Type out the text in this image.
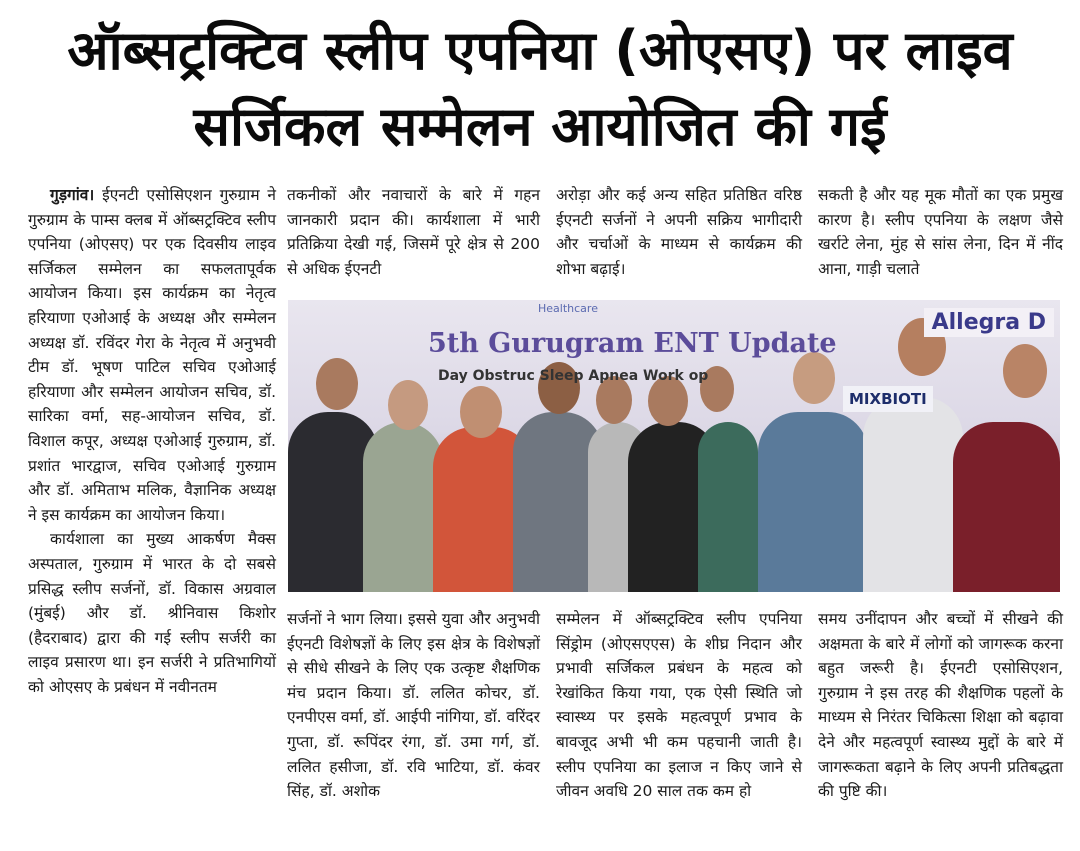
ऑब्सट्रक्टिव स्लीप एपनिया (ओएसए) पर लाइव
सर्जिकल सम्मेलन आयोजित की गई

गुड़गांव। ईएनटी एसोसिएशन गुरुग्राम ने गुरुग्राम के पाम्स क्लब में ऑब्सट्रक्टिव स्लीप एपनिया (ओएसए) पर एक दिवसीय लाइव सर्जिकल सम्मेलन का सफलतापूर्वक आयोजन किया। इस कार्यक्रम का नेतृत्व हरियाणा एओआई के अध्यक्ष और सम्मेलन अध्यक्ष डॉ. रविंदर गेरा के नेतृत्व में अनुभवी टीम डॉ. भूषण पाटिल सचिव एओआई हरियाणा और सम्मेलन आयोजन सचिव, डॉ. सारिका वर्मा, सह-आयोजन सचिव, डॉ. विशाल कपूर, अध्यक्ष एओआई गुरुग्राम, डॉ. प्रशांत भारद्वाज, सचिव एओआई गुरुग्राम और डॉ. अमिताभ मलिक, वैज्ञानिक अध्यक्ष ने इस कार्यक्रम का आयोजन किया।

कार्यशाला का मुख्य आकर्षण मैक्स अस्पताल, गुरुग्राम में भारत के दो सबसे प्रसिद्ध स्लीप सर्जनों, डॉ. विकास अग्रवाल (मुंबई) और डॉ. श्रीनिवास किशोर (हैदराबाद) द्वारा की गई स्लीप सर्जरी का लाइव प्रसारण था। इन सर्जरी ने प्रतिभागियों को ओएसए के प्रबंधन में नवीनतम

तकनीकों और नवाचारों के बारे में गहन जानकारी प्रदान की। कार्यशाला में भारी प्रतिक्रिया देखी गई, जिसमें पूरे क्षेत्र से 200 से अधिक ईएनटी
अरोड़ा और कई अन्य सहित प्रतिष्ठित वरिष्ठ ईएनटी सर्जनों ने अपनी सक्रिय भागीदारी और चर्चाओं के माध्यम से कार्यक्रम की शोभा बढ़ाई।
सकती है और यह मूक मौतों का एक प्रमुख कारण है। स्लीप एपनिया के लक्षण जैसे खर्राटे लेना, मुंह से सांस लेना, दिन में नींद आना, गाड़ी चलाते
Healthcare
5th Gurugram ENT Update
Day Obstruc Sleep Apnea Work op
Allegra D
MIXBIOTI
सर्जनों ने भाग लिया। इससे युवा और अनुभवी ईएनटी विशेषज्ञों के लिए इस क्षेत्र के विशेषज्ञों से सीधे सीखने के लिए एक उत्कृष्ट शैक्षणिक मंच प्रदान किया। डॉ. ललित कोचर, डॉ. एनपीएस वर्मा, डॉ. आईपी नांगिया, डॉ. वरिंदर गुप्ता, डॉ. रूपिंदर रंगा, डॉ. उमा गर्ग, डॉ. ललित हसीजा, डॉ. रवि भाटिया, डॉ. कंवर सिंह, डॉ. अशोक
सम्मेलन में ऑब्सट्रक्टिव स्लीप एपनिया सिंड्रोम (ओएसएएस) के शीघ्र निदान और प्रभावी सर्जिकल प्रबंधन के महत्व को रेखांकित किया गया, एक ऐसी स्थिति जो स्वास्थ्य पर इसके महत्वपूर्ण प्रभाव के बावजूद अभी भी कम पहचानी जाती है। स्लीप एपनिया का इलाज न किए जाने से जीवन अवधि 20 साल तक कम हो
समय उनींदापन और बच्चों में सीखने की अक्षमता के बारे में लोगों को जागरूक करना बहुत जरूरी है। ईएनटी एसोसिएशन, गुरुग्राम ने इस तरह की शैक्षणिक पहलों के माध्यम से निरंतर चिकित्सा शिक्षा को बढ़ावा देने और महत्वपूर्ण स्वास्थ्य मुद्दों के बारे में जागरूकता बढ़ाने के लिए अपनी प्रतिबद्धता की पुष्टि की।
